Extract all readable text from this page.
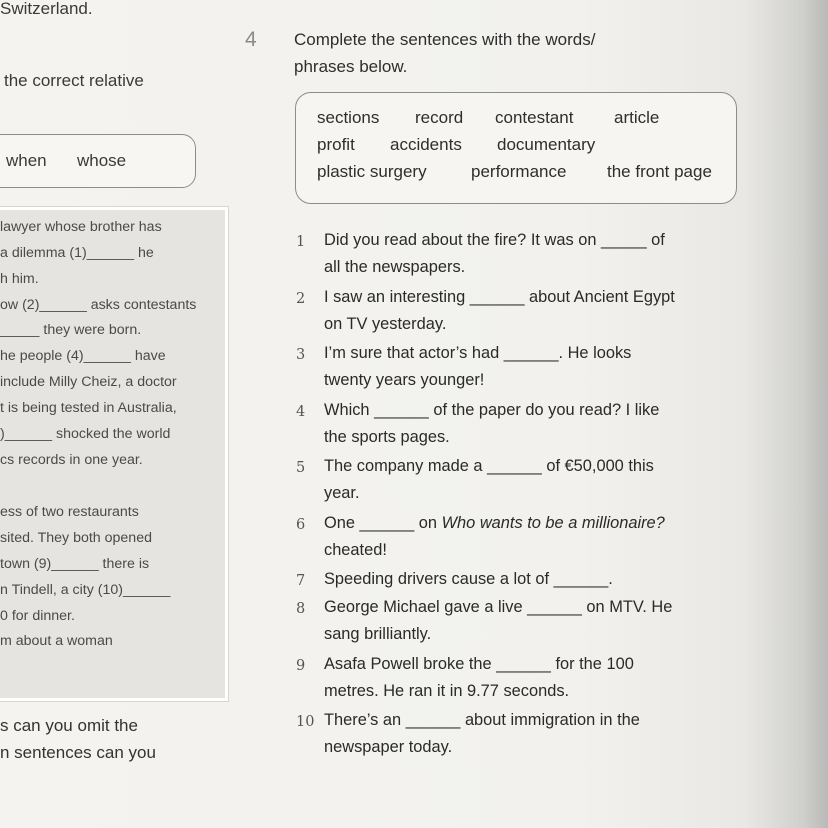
Switzerland.
the correct relative
when whose
lawyer whose brother has
a dilemma (1)______ he
h him.
ow (2)______ asks contestants
_____ they were born.
he people (4)______ have
include Milly Cheiz, a doctor
t is being tested in Australia,
)______ shocked the world
cs records in one year.
ess of two restaurants
sited. They both opened
town (9)______ there is
n Tindell, a city (10)______
0 for dinner.
m about a woman
s can you omit the
n sentences can you
4 Complete the sentences with the words/
phrases below.
sections record contestant article
profit accidents documentary
plastic surgery	performance the front page
1 Did you read about the fire? It was on _____ of
all the newspapers.
2 I saw an interesting ______ about Ancient Egypt
on TV yesterday.
3 I’m sure that actor’s had ______. He looks
twenty years younger!
4 Which ______ of the paper do you read? I like
the sports pages.
5 The company made a ______ of €50,000 this
year.
6 One ______ on Who wants to be a millionaire?
cheated!
7 Speeding drivers cause a lot of ______.
8 George Michael gave a live ______ on MTV. He
sang brilliantly.
9 Asafa Powell broke the ______ for the 100
metres. He ran it in 9.77 seconds.
10 There’s an ______ about immigration in the
newspaper today.
